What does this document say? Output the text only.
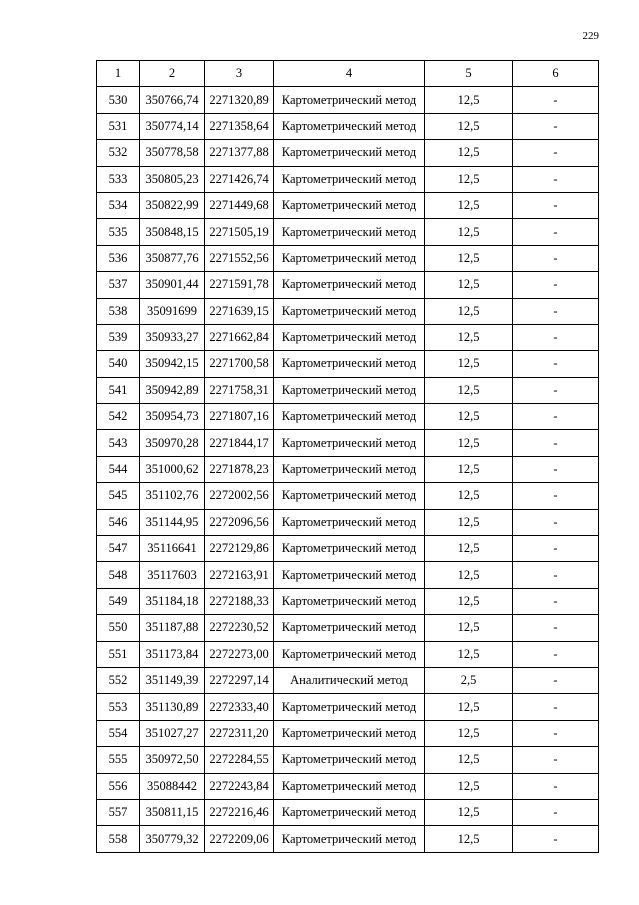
229
1	2	3	4	5	6
530	350766,74	2271320,89	Картометрический метод	12,5	-
531	350774,14	2271358,64	Картометрический метод	12,5	-
532	350778,58	2271377,88	Картометрический метод	12,5	-
533	350805,23	2271426,74	Картометрический метод	12,5	-
534	350822,99	2271449,68	Картометрический метод	12,5	-
535	350848,15	2271505,19	Картометрический метод	12,5	-
536	350877,76	2271552,56	Картометрический метод	12,5	-
537	350901,44	2271591,78	Картометрический метод	12,5	-
538	35091699	2271639,15	Картометрический метод	12,5	-
539	350933,27	2271662,84	Картометрический метод	12,5	-
540	350942,15	2271700,58	Картометрический метод	12,5	-
541	350942,89	2271758,31	Картометрический метод	12,5	-
542	350954,73	2271807,16	Картометрический метод	12,5	-
543	350970,28	2271844,17	Картометрический метод	12,5	-
544	351000,62	2271878,23	Картометрический метод	12,5	-
545	351102,76	2272002,56	Картометрический метод	12,5	-
546	351144,95	2272096,56	Картометрический метод	12,5	-
547	35116641	2272129,86	Картометрический метод	12,5	-
548	35117603	2272163,91	Картометрический метод	12,5	-
549	351184,18	2272188,33	Картометрический метод	12,5	-
550	351187,88	2272230,52	Картометрический метод	12,5	-
551	351173,84	2272273,00	Картометрический метод	12,5	-
552	351149,39	2272297,14	Аналитический метод	2,5	-
553	351130,89	2272333,40	Картометрический метод	12,5	-
554	351027,27	2272311,20	Картометрический метод	12,5	-
555	350972,50	2272284,55	Картометрический метод	12,5	-
556	35088442	2272243,84	Картометрический метод	12,5	-
557	350811,15	2272216,46	Картометрический метод	12,5	-
558	350779,32	2272209,06	Картометрический метод	12,5	-
